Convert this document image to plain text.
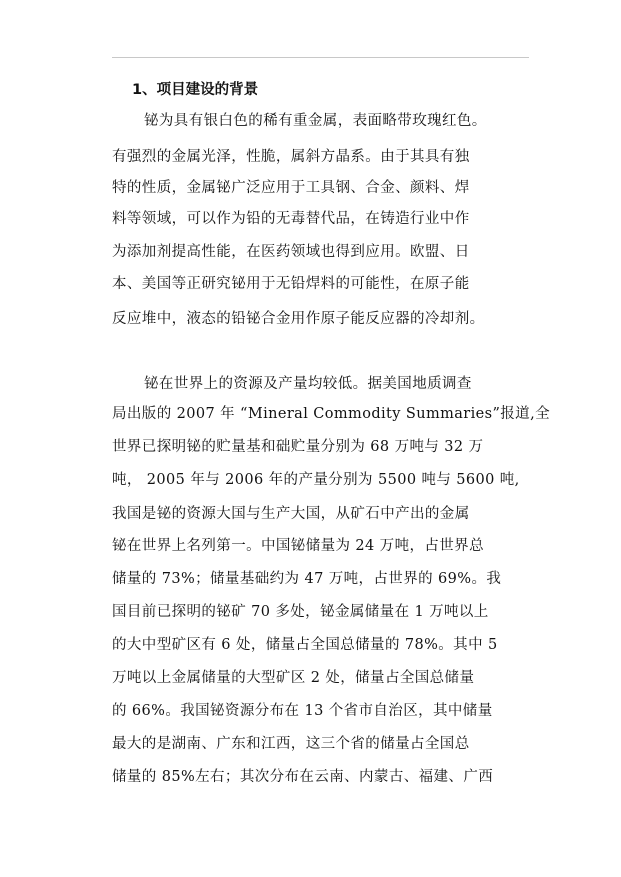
1、项目建设的背景
铋为具有银白色的稀有重金属，表面略带玫瑰红色。
有强烈的金属光泽，性脆，属斜方晶系。由于其具有独
特的性质，金属铋广泛应用于工具钢、合金、颜料、焊
料等领域，可以作为铅的无毒替代品，在铸造行业中作
为添加剂提高性能，在医药领域也得到应用。欧盟、日
本、美国等正研究铋用于无铅焊料的可能性，在原子能
反应堆中，液态的铅铋合金用作原子能反应器的冷却剂。
铋在世界上的资源及产量均较低。据美国地质调查
局出版的 2007 年 “Mineral Commodity Summaries”报道,全
世界已探明铋的贮量基和础贮量分别为 68 万吨与 32 万
吨， 2005 年与 2006 年的产量分别为 5500 吨与 5600 吨,
我国是铋的资源大国与生产大国，从矿石中产出的金属
铋在世界上名列第一。中国铋储量为 24 万吨，占世界总
储量的 73%；储量基础约为 47 万吨，占世界的 69%。我
国目前已探明的铋矿 70 多处，铋金属储量在 1 万吨以上
的大中型矿区有 6 处，储量占全国总储量的 78%。其中 5
万吨以上金属储量的大型矿区 2 处，储量占全国总储量
的 66%。我国铋资源分布在 13 个省市自治区，其中储量
最大的是湖南、广东和江西，这三个省的储量占全国总
储量的 85%左右；其次分布在云南、内蒙古、福建、广西
